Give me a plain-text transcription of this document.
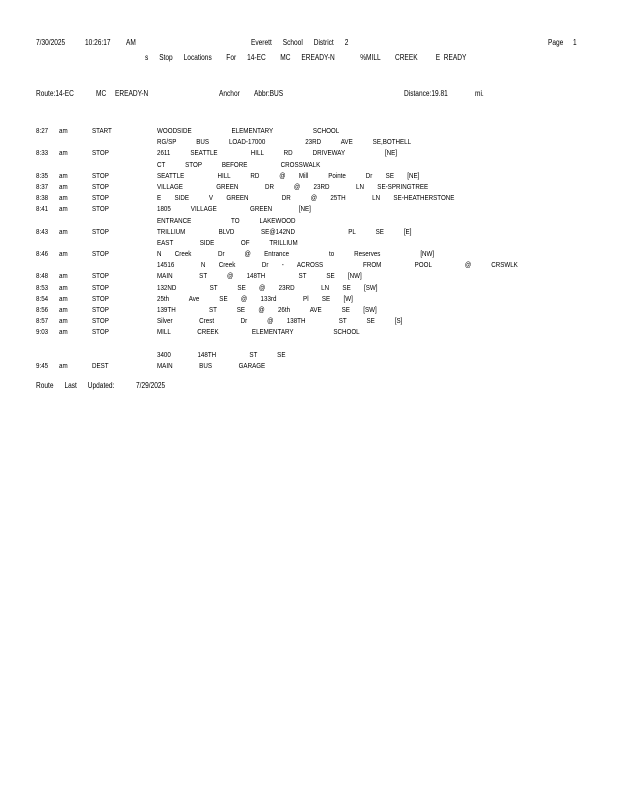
7/30/2025 10:26:17 AM	Everett      School      District      2	Page 1
s      Stop      Locations        For      14-EC        MC      EREADY-N              %MILL        CREEK          E  READY
Route:14-EC	MC EREADY-N	Anchor Abbr:BUS	Distance:19.81	mi.
8:27 am	START	WOODSIDE      ELEMENTARY      SCHOOL
RG/SP   BUS   LOAD-17000      23RD   AVE   SE,BOTHELL
8:33 am	STOP	2611   SEATTLE     HILL   RD   DRIVEWAY      [NE]
CT   STOP   BEFORE     CROSSWALK
8:35 am	STOP	SEATTLE     HILL   RD   @  Mill   Pointe   Dr  SE  [NE]
8:37 am	STOP	VILLAGE     GREEN    DR   @  23RD    LN  SE-SPRINGTREE
8:38 am	STOP	E  SIDE   V  GREEN     DR   @  25TH    LN  SE-HEATHERSTONE
8:41 am	STOP	1805   VILLAGE     GREEN    [NE]
ENTRANCE      TO   LAKEWOOD
8:43 am	STOP	TRILLIUM     BLVD    SE@142ND        PL   SE   [E]
EAST    SIDE    OF   TRILLIUM
8:46 am	STOP	N  Creek    Dr   @  Entrance      to   Reserves      [NW]
14516    N  Creek    Dr  -  ACROSS      FROM     POOL     @   CRSWLK
8:48 am	STOP	MAIN    ST   @  148TH     ST   SE  [NW]
8:53 am	STOP	132ND     ST   SE  @  23RD    LN  SE  [SW]
8:54 am	STOP	25th   Ave   SE  @  133rd    Pl  SE  [W]
8:56 am	STOP	139TH     ST   SE  @  26th   AVE   SE  [SW]
8:57 am	STOP	Silver    Crest    Dr   @  138TH     ST   SE   [S]
9:03 am	STOP	MILL    CREEK     ELEMENTARY      SCHOOL
3400    148TH     ST   SE
9:45 am	DEST	MAIN    BUS    GARAGE
Route      Last      Updated:	7/29/2025
